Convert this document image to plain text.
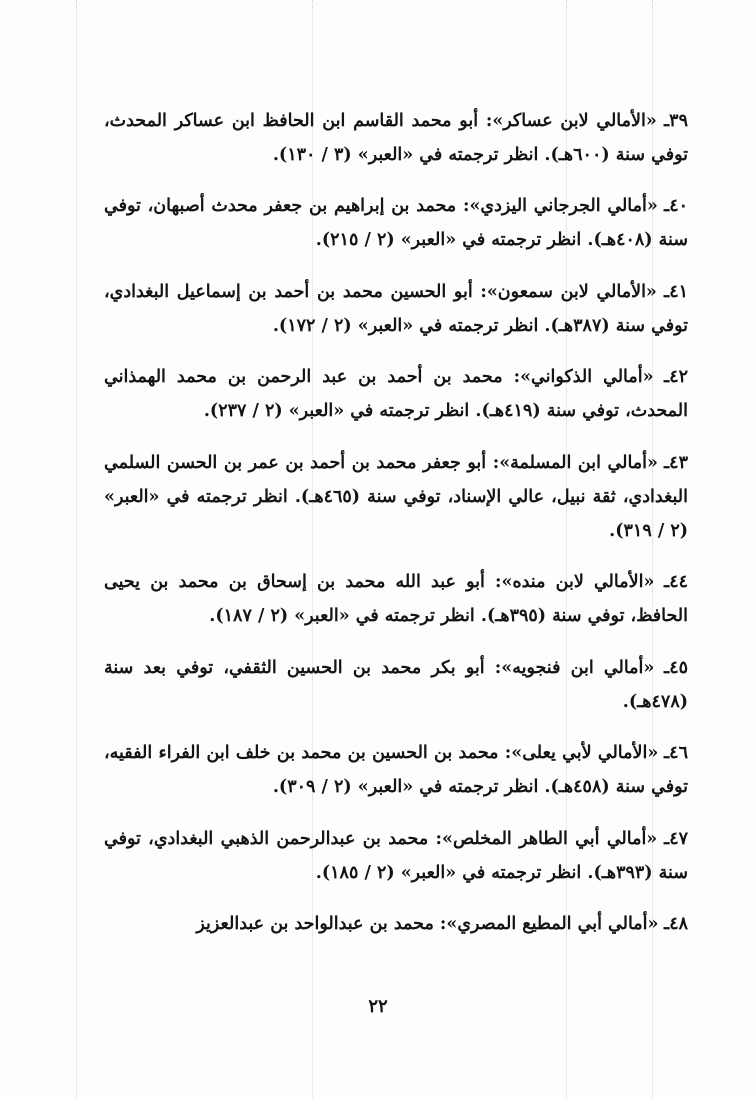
٣٩ـ «الأمالي لابن عساكر»: أبو محمد القاسم ابن الحافظ ابن عساكر المحدث، توفي سنة (٦٠٠هـ). انظر ترجمته في «العبر» (٣ / ١٣٠).

٤٠ـ «أمالي الجرجاني اليزدي»: محمد بن إبراهيم بن جعفر محدث أصبهان، توفي سنة (٤٠٨هـ). انظر ترجمته في «العبر» (٢ / ٢١٥).

٤١ـ «الأمالي لابن سمعون»: أبو الحسين محمد بن أحمد بن إسماعيل البغدادي، توفي سنة (٣٨٧هـ). انظر ترجمته في «العبر» (٢ / ١٧٢).

٤٢ـ «أمالي الذكواني»: محمد بن أحمد بن عبد الرحمن بن محمد الهمذاني المحدث، توفي سنة (٤١٩هـ). انظر ترجمته في «العبر» (٢ / ٢٣٧).

٤٣ـ «أمالي ابن المسلمة»: أبو جعفر محمد بن أحمد بن عمر بن الحسن السلمي البغدادي، ثقة نبيل، عالي الإسناد، توفي سنة (٤٦٥هـ). انظر ترجمته في «العبر» (٢ / ٣١٩).

٤٤ـ «الأمالي لابن منده»: أبو عبد الله محمد بن إسحاق بن محمد بن يحيى الحافظ، توفي سنة (٣٩٥هـ). انظر ترجمته في «العبر» (٢ / ١٨٧).

٤٥ـ «أمالي ابن فنجويه»: أبو بكر محمد بن الحسين الثقفي، توفي بعد سنة (٤٧٨هـ).

٤٦ـ «الأمالي لأبي يعلى»: محمد بن الحسين بن محمد بن خلف ابن الفراء الفقيه، توفي سنة (٤٥٨هـ). انظر ترجمته في «العبر» (٢ / ٣٠٩).

٤٧ـ «أمالي أبي الطاهر المخلص»: محمد بن عبدالرحمن الذهبي البغدادي، توفي سنة (٣٩٣هـ). انظر ترجمته في «العبر» (٢ / ١٨٥).

٤٨ـ «أمالي أبي المطيع المصري»: محمد بن عبدالواحد بن عبدالعزيز

٢٢
